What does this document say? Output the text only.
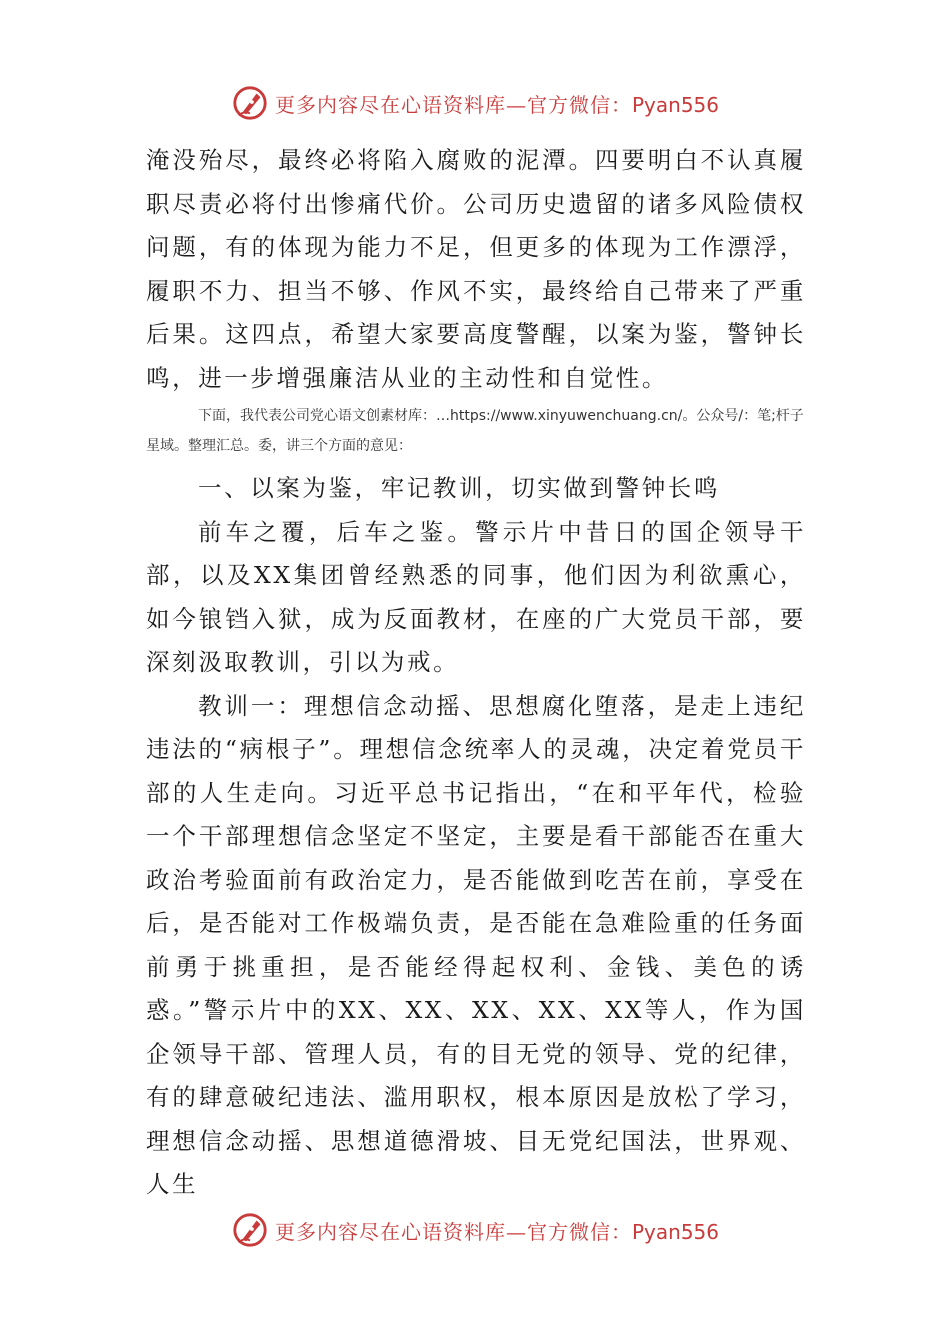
更多内容尽在心语资料库—官方微信：Pyan556

淹没殆尽，最终必将陷入腐败的泥潭。四要明白不认真履职尽责必将付出惨痛代价。公司历史遗留的诸多风险债权问题，有的体现为能力不足，但更多的体现为工作漂浮，履职不力、担当不够、作风不实，最终给自己带来了严重后果。这四点，希望大家要高度警醒，以案为鉴，警钟长鸣，进一步增强廉洁从业的主动性和自觉性。

下面，我代表公司党心语文创素材库：…https://www.xinyuwenchuang.cn/。公众号/：笔;杆子星域。整理汇总。委，讲三个方面的意见：

一、以案为鉴，牢记教训，切实做到警钟长鸣

前车之覆，后车之鉴。警示片中昔日的国企领导干部，以及XX集团曾经熟悉的同事，他们因为利欲熏心，如今锒铛入狱，成为反面教材，在座的广大党员干部，要深刻汲取教训，引以为戒。

教训一：理想信念动摇、思想腐化堕落，是走上违纪违法的“病根子”。理想信念统率人的灵魂，决定着党员干部的人生走向。习近平总书记指出，“在和平年代，检验一个干部理想信念坚定不坚定，主要是看干部能否在重大政治考验面前有政治定力，是否能做到吃苦在前，享受在后，是否能对工作极端负责，是否能在急难险重的任务面前勇于挑重担，是否能经得起权利、金钱、美色的诱惑。”警示片中的XX、XX、XX、XX、XX等人，作为国企领导干部、管理人员，有的目无党的领导、党的纪律，有的肆意破纪违法、滥用职权，根本原因是放松了学习，理想信念动摇、思想道德滑坡、目无党纪国法，世界观、人生

更多内容尽在心语资料库—官方微信：Pyan556
